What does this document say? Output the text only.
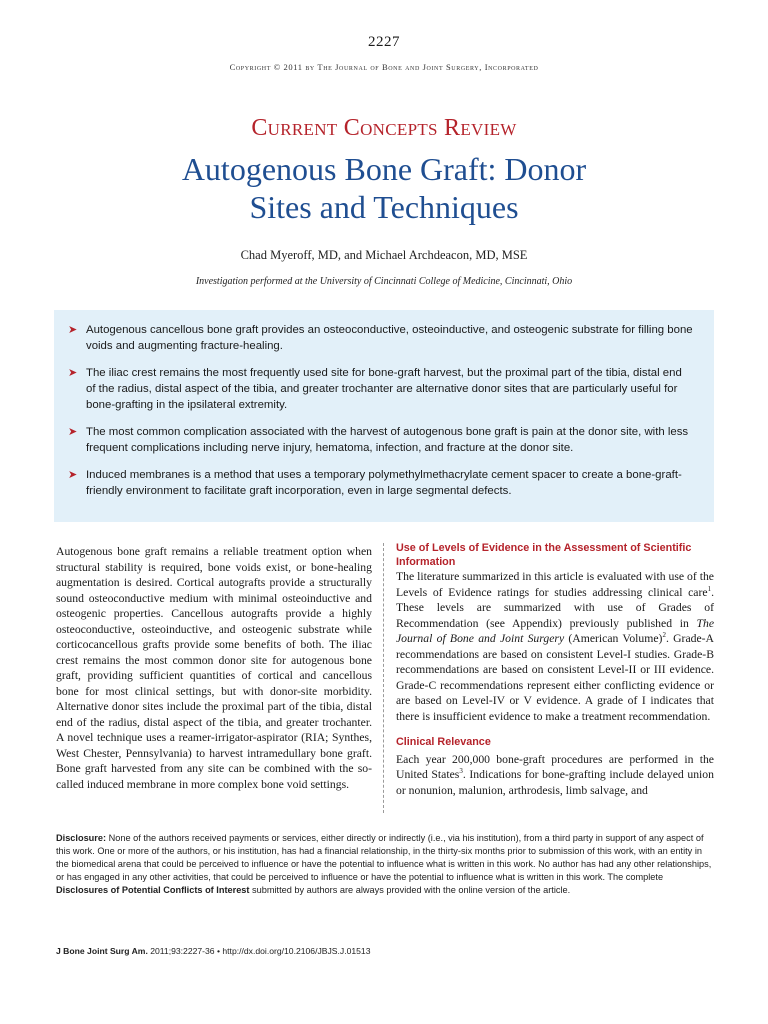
2227
Copyright © 2011 by The Journal of Bone and Joint Surgery, Incorporated
Current Concepts Review
Autogenous Bone Graft: Donor
Sites and Techniques
Chad Myeroff, MD, and Michael Archdeacon, MD, MSE
Investigation performed at the University of Cincinnati College of Medicine, Cincinnati, Ohio
➤ Autogenous cancellous bone graft provides an osteoconductive, osteoinductive, and osteogenic substrate for filling bone voids and augmenting fracture-healing.
➤ The iliac crest remains the most frequently used site for bone-graft harvest, but the proximal part of the tibia, distal end of the radius, distal aspect of the tibia, and greater trochanter are alternative donor sites that are particularly useful for bone-grafting in the ipsilateral extremity.
➤ The most common complication associated with the harvest of autogenous bone graft is pain at the donor site, with less frequent complications including nerve injury, hematoma, infection, and fracture at the donor site.
➤ Induced membranes is a method that uses a temporary polymethylmethacrylate cement spacer to create a bone-graft-friendly environment to facilitate graft incorporation, even in large segmental defects.

Autogenous bone graft remains a reliable treatment option when structural stability is required, bone voids exist, or bone-healing augmentation is desired. Cortical autografts provide a structurally sound osteoconductive medium with minimal osteoinductive and osteogenic properties. Cancellous autografts provide a highly osteoconductive, osteoinductive, and osteogenic substrate while corticocancellous grafts provide some benefits of both. The iliac crest remains the most common donor site for autogenous bone graft, providing sufficient quantities of cortical and cancellous bone for most clinical settings, but with donor-site morbidity. Alternative donor sites include the proximal part of the tibia, distal end of the radius, distal aspect of the tibia, and greater trochanter. A novel technique uses a reamer-irrigator-aspirator (RIA; Synthes, West Chester, Pennsylvania) to harvest intramedullary bone graft. Bone graft harvested from any site can be combined with the so-called induced membrane in more complex bone void settings.

Use of Levels of Evidence in the Assessment of Scientific Information

The literature summarized in this article is evaluated with use of the Levels of Evidence ratings for studies addressing clinical care$^1$. These levels are summarized with use of Grades of Recommendation (see Appendix) previously published in The Journal of Bone and Joint Surgery (American Volume)$^2$. Grade-A recommendations are based on consistent Level-I studies. Grade-B recommendations are based on consistent Level-II or III evidence. Grade-C recommendations represent either conflicting evidence or are based on Level-IV or V evidence. A grade of I indicates that there is insufficient evidence to make a treatment recommendation.

Clinical Relevance

Each year 200,000 bone-graft procedures are performed in the United States$^3$. Indications for bone-grafting include delayed union or nonunion, malunion, arthrodesis, limb salvage, and

Disclosure: None of the authors received payments or services, either directly or indirectly (i.e., via his institution), from a third party in support of any aspect of this work. One or more of the authors, or his institution, has had a financial relationship, in the thirty-six months prior to submission of this work, with an entity in the biomedical arena that could be perceived to influence or have the potential to influence what is written in this work. No author has had any other relationships, or has engaged in any other activities, that could be perceived to influence or have the potential to influence what is written in this work. The complete Disclosures of Potential Conflicts of Interest submitted by authors are always provided with the online version of the article.
J Bone Joint Surg Am. 2011;93:2227-36 • http://dx.doi.org/10.2106/JBJS.J.01513
